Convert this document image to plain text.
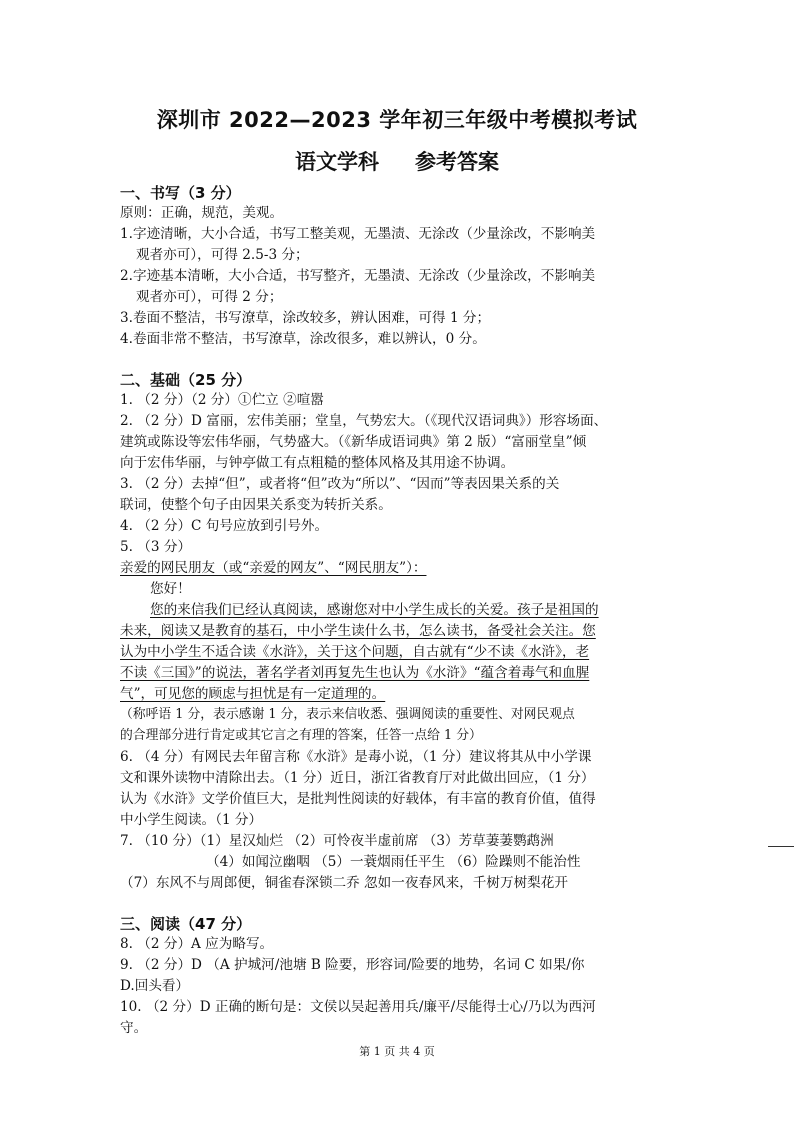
深圳市 2022—2023 学年初三年级中考模拟考试
语文学科 参考答案
一、书写（3 分）
原则：正确，规范，美观。
1.字迹清晰，大小合适，书写工整美观，无墨渍、无涂改（少量涂改，不影响美
观者亦可），可得 2.5-3 分；
2.字迹基本清晰，大小合适，书写整齐，无墨渍、无涂改（少量涂改，不影响美
观者亦可），可得 2 分；
3.卷面不整洁，书写潦草，涂改较多，辨认困难，可得 1 分；
4.卷面非常不整洁，书写潦草，涂改很多，难以辨认，0 分。
二、基础（25 分）
1. （2 分）（2 分）①伫立 ②喧嚣
2. （2 分）D 富丽，宏伟美丽；堂皇，气势宏大。（《现代汉语词典》）形容场面、
建筑或陈设等宏伟华丽，气势盛大。（《新华成语词典》第 2 版）“富丽堂皇”倾
向于宏伟华丽，与钟亭做工有点粗糙的整体风格及其用途不协调。
3. （2 分）去掉“但”，或者将“但”改为“所以”、“因而”等表因果关系的关
联词，使整个句子由因果关系变为转折关系。
4. （2 分）C 句号应放到引号外。
5. （3 分）
亲爱的网民朋友（或“亲爱的网友”、“网民朋友”）：
您好！
您的来信我们已经认真阅读，感谢您对中小学生成长的关爱。孩子是祖国的
未来，阅读又是教育的基石，中小学生读什么书，怎么读书，备受社会关注。您
认为中小学生不适合读《水浒》，关于这个问题，自古就有“少不读《水浒》，老
不读《三国》”的说法，著名学者刘再复先生也认为《水浒》“蕴含着毒气和血腥
气”，可见您的顾虑与担忧是有一定道理的。
（称呼语 1 分，表示感谢 1 分，表示来信收悉、强调阅读的重要性、对网民观点
的合理部分进行肯定或其它言之有理的答案，任答一点给 1 分）
6. （4 分）有网民去年留言称《水浒》是毒小说，（1 分）建议将其从中小学课
文和课外读物中清除出去。（1 分）近日，浙江省教育厅对此做出回应，（1 分）
认为《水浒》文学价值巨大，是批判性阅读的好载体，有丰富的教育价值，值得
中小学生阅读。（1 分）
7. （10 分）（1）星汉灿烂 （2）可怜夜半虚前席 （3）芳草萋萋鹦鹉洲
（4）如闻泣幽咽 （5）一蓑烟雨任平生 （6）险躁则不能治性
（7）东风不与周郎便，铜雀春深锁二乔 忽如一夜春风来，千树万树梨花开
三、阅读（47 分）
8. （2 分）A 应为略写。
9. （2 分）D （A 护城河/池塘 B 险要，形容词/险要的地势，名词 C 如果/你
D.回头看）
10. （2 分）D 正确的断句是：文侯以吴起善用兵/廉平/尽能得士心/乃以为西河
守。
第 1 页 共 4 页
